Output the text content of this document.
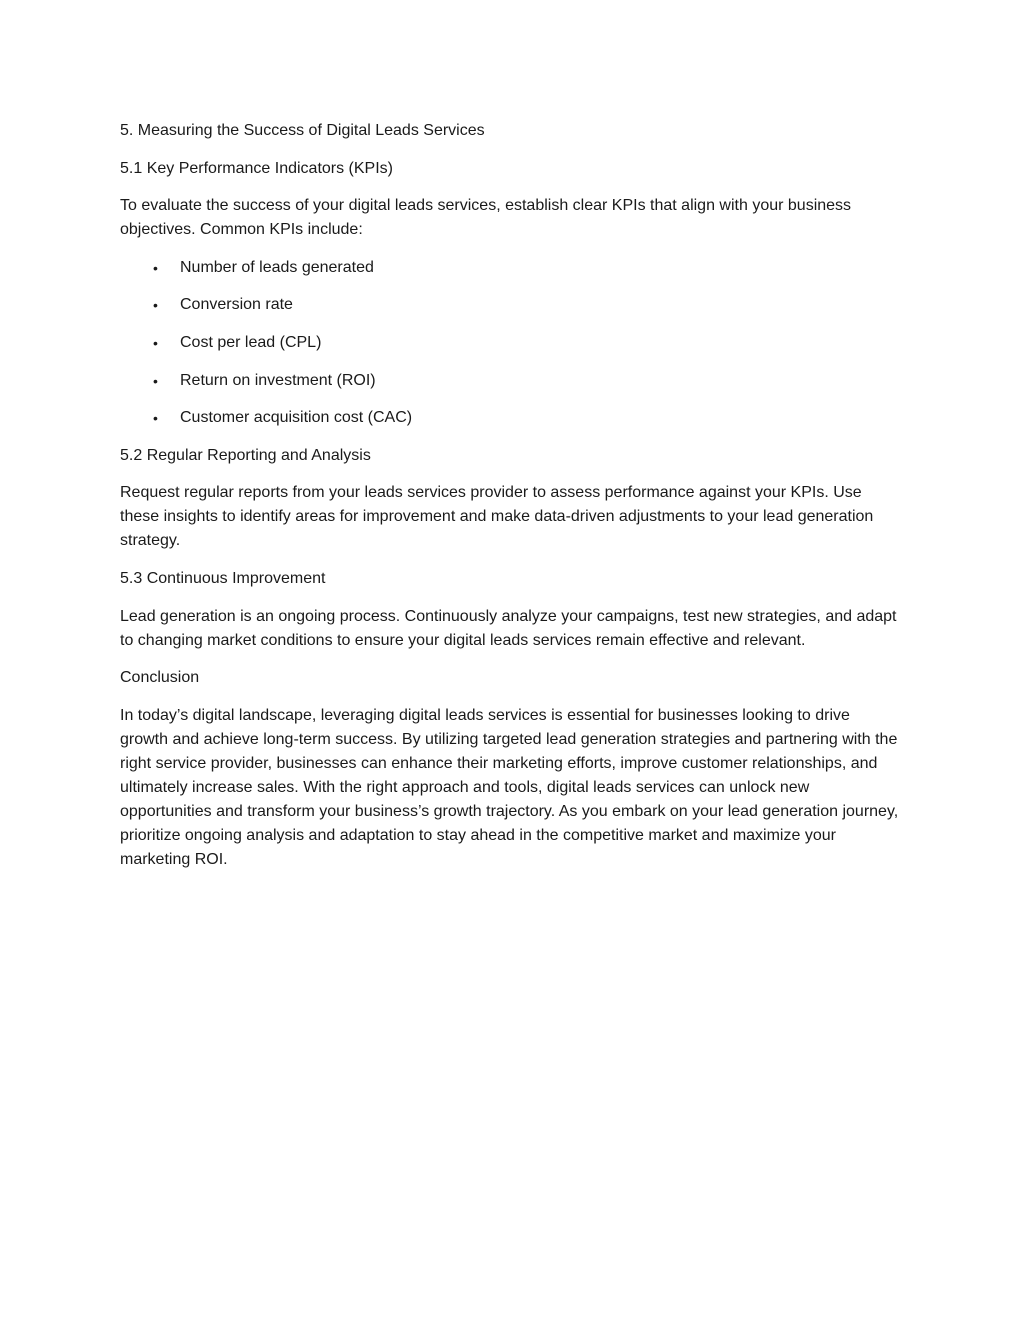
5. Measuring the Success of Digital Leads Services

5.1 Key Performance Indicators (KPIs)

To evaluate the success of your digital leads services, establish clear KPIs that align with your business objectives. Common KPIs include:

• Number of leads generated
• Conversion rate
• Cost per lead (CPL)
• Return on investment (ROI)
• Customer acquisition cost (CAC)

5.2 Regular Reporting and Analysis

Request regular reports from your leads services provider to assess performance against your KPIs. Use these insights to identify areas for improvement and make data-driven adjustments to your lead generation strategy.

5.3 Continuous Improvement

Lead generation is an ongoing process. Continuously analyze your campaigns, test new strategies, and adapt to changing market conditions to ensure your digital leads services remain effective and relevant.

Conclusion

In today’s digital landscape, leveraging digital leads services is essential for businesses looking to drive growth and achieve long-term success. By utilizing targeted lead generation strategies and partnering with the right service provider, businesses can enhance their marketing efforts, improve customer relationships, and ultimately increase sales. With the right approach and tools, digital leads services can unlock new opportunities and transform your business’s growth trajectory. As you embark on your lead generation journey, prioritize ongoing analysis and adaptation to stay ahead in the competitive market and maximize your marketing ROI.
